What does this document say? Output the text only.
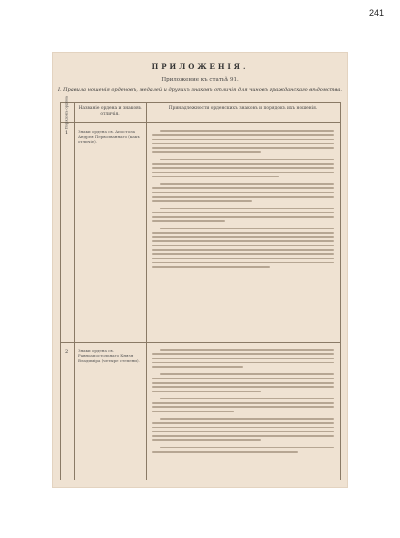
241
ПРИЛОЖЕНІЯ.
Приложение къ статьѣ 91.
I. Правила ношенія орденовъ, медалей и другихъ знаковъ отличія для чиновъ гражданскаго вѣдомства.
Порядокъ ордена	Названіе ордена и знаковъ отличія.
Принадлежности орденскихъ знаковъ и порядокъ ихъ ношенія.
1 Знаки ордена св. Апостола Андрея Первозваннаго (какъ отличіе).
2 Знаки ордена св. Равноапостольнаго Князя Владиміра (четыре степени).
